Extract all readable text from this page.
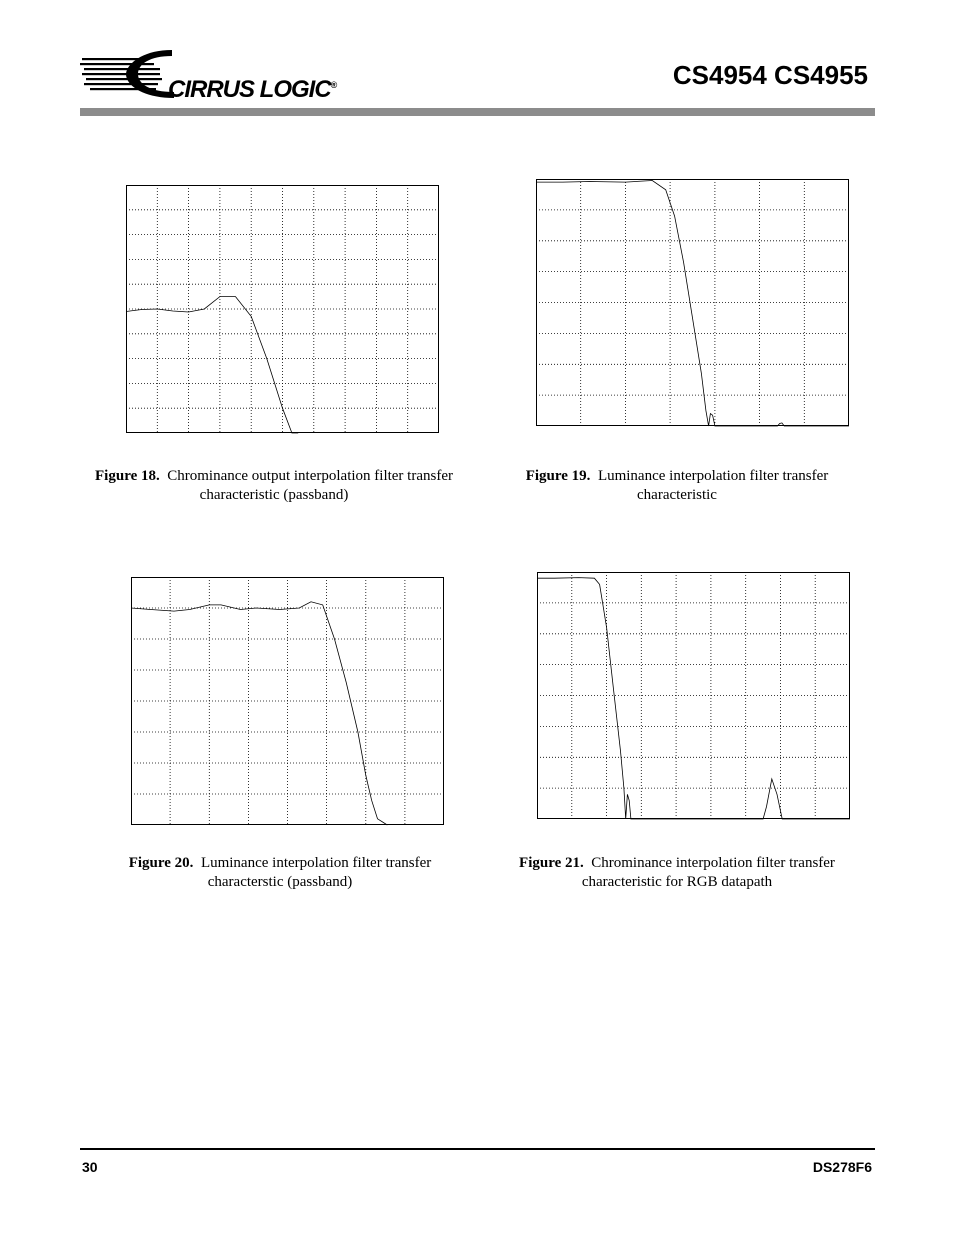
CIRRUS LOGIC®	CS4954 CS4955
Figure 18. Chrominance output interpolation filter transfer characteristic (passband)
Figure 19. Luminance interpolation filter transfer characteristic
Figure 20. Luminance interpolation filter transfer characterstic (passband)
Figure 21. Chrominance interpolation filter transfer characteristic for RGB datapath
30	DS278F6
